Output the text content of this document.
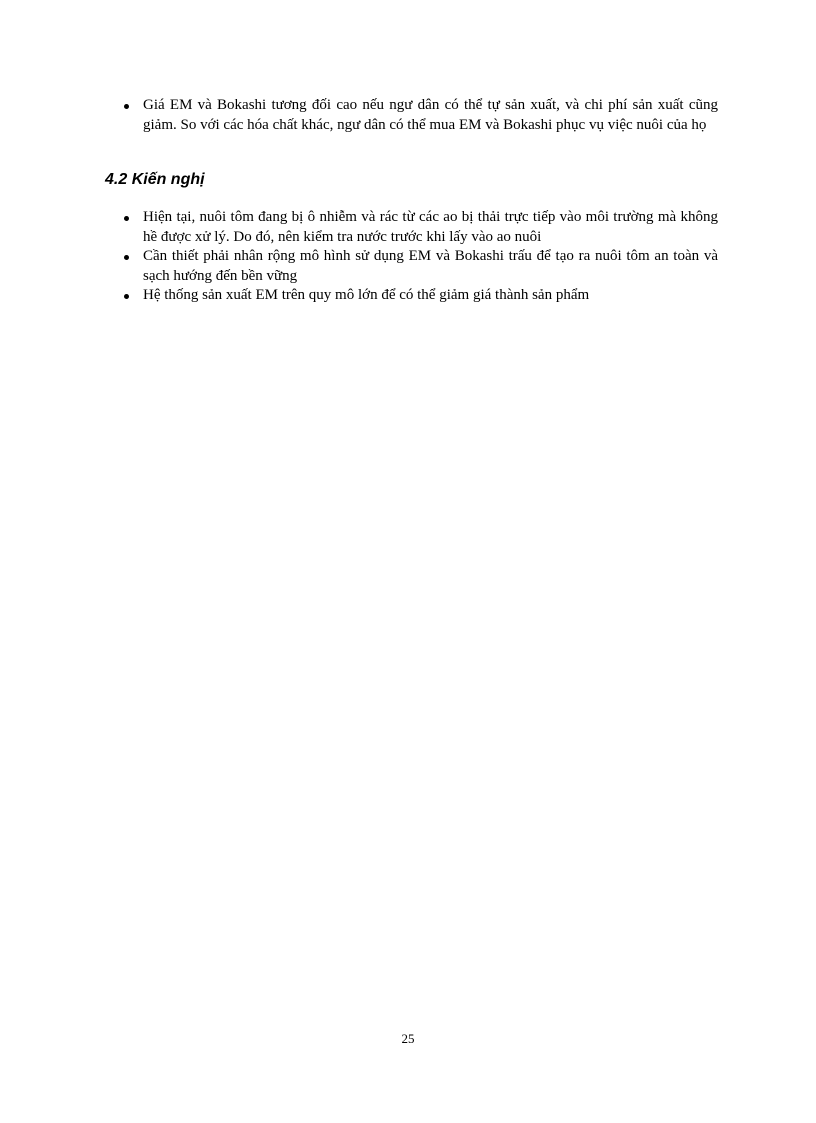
Giá EM và Bokashi tương đối cao nếu ngư dân có thể tự sản xuất, và chi phí sản xuất cũng giảm. So với các hóa chất khác, ngư dân có thể mua EM và Bokashi phục vụ việc nuôi của họ
4.2 Kiến nghị
Hiện tại, nuôi tôm đang bị ô nhiễm và rác từ các ao bị thải trực tiếp vào môi trường mà không hề được xử lý. Do đó, nên kiểm tra nước trước khi lấy vào ao nuôi
Cần thiết phải nhân rộng mô hình sử dụng EM và Bokashi trấu để tạo ra nuôi tôm an toàn và sạch hướng đến bền vững
Hệ thống sản xuất EM trên quy mô lớn để có thể giảm giá thành sản phẩm
25
